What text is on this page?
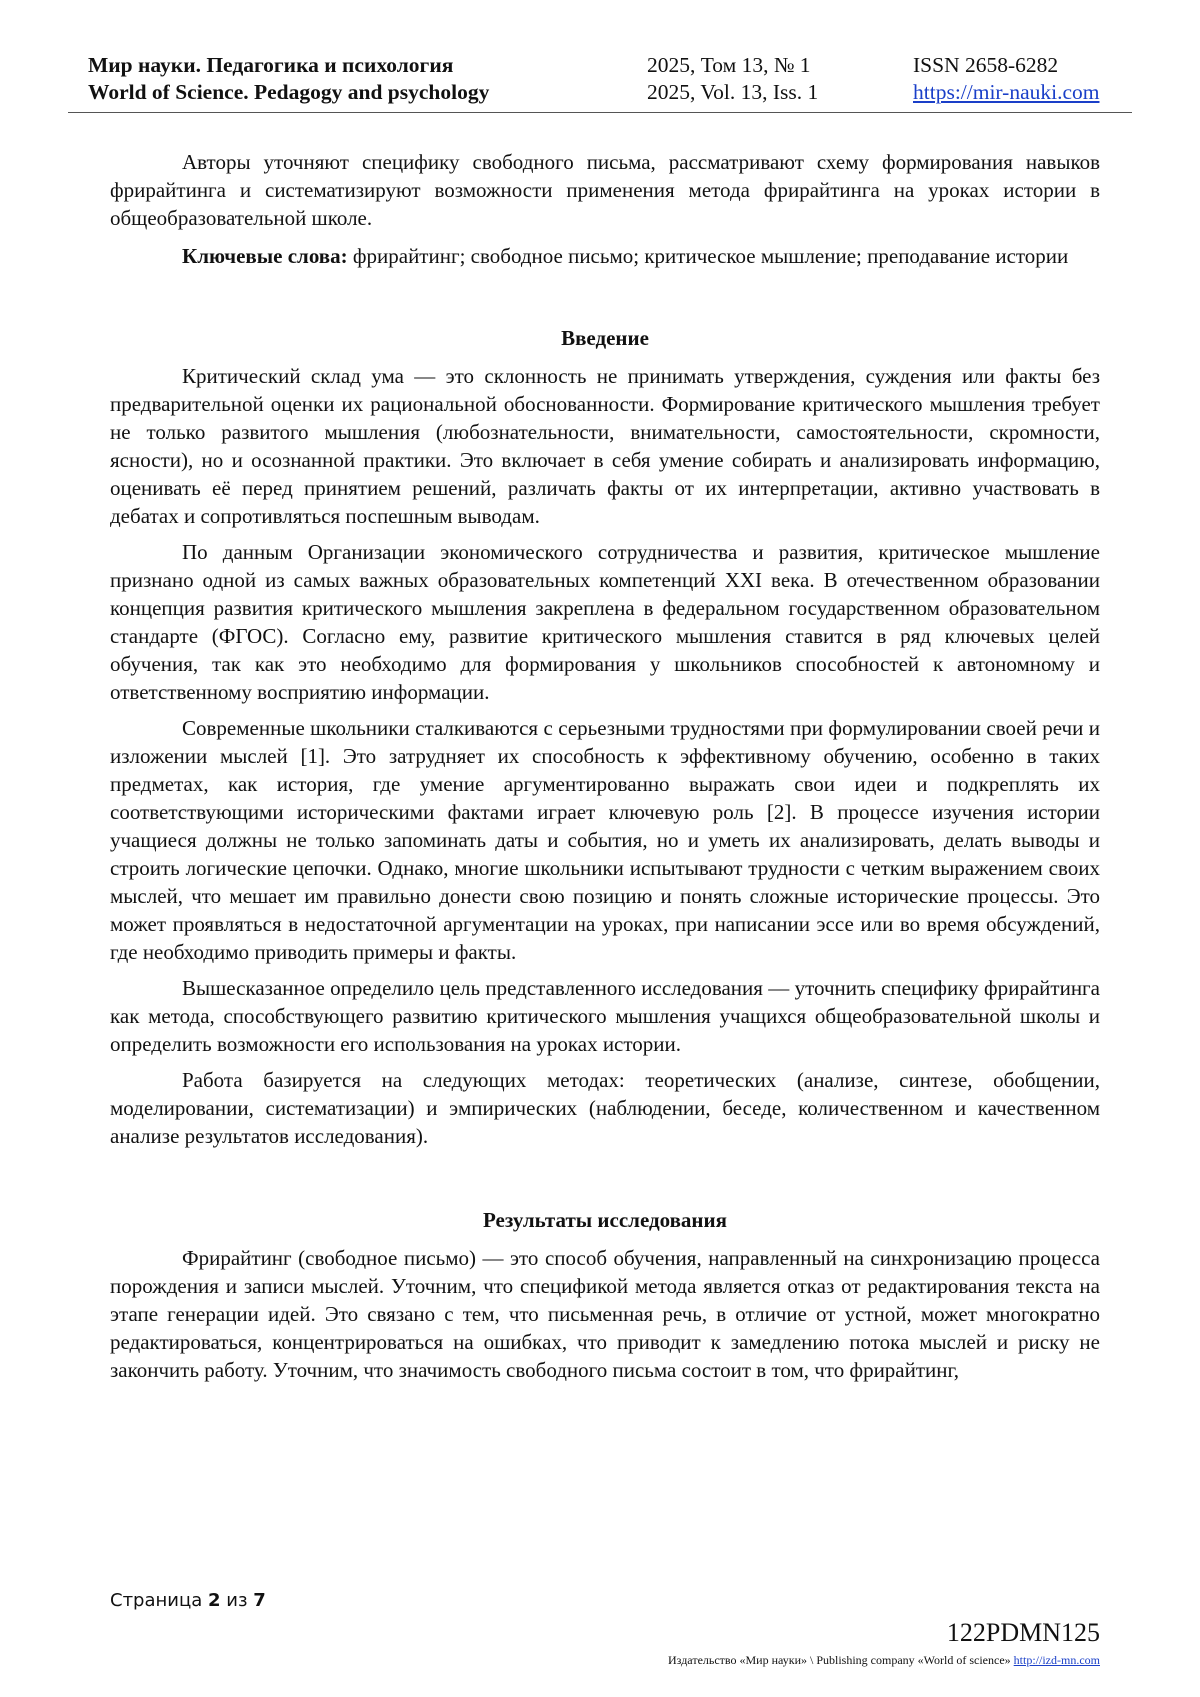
Мир науки. Педагогика и психология
World of Science. Pedagogy and psychology
2025, Том 13, № 1
2025, Vol. 13, Iss. 1
ISSN 2658-6282
https://mir-nauki.com

Авторы уточняют специфику свободного письма, рассматривают схему формирования навыков фрирайтинга и систематизируют возможности применения метода фрирайтинга на уроках истории в общеобразовательной школе.

Ключевые слова: фрирайтинг; свободное письмо; критическое мышление; преподавание истории

Введение

Критический склад ума — это склонность не принимать утверждения, суждения или факты без предварительной оценки их рациональной обоснованности. Формирование критического мышления требует не только развитого мышления (любознательности, внимательности, самостоятельности, скромности, ясности), но и осознанной практики. Это включает в себя умение собирать и анализировать информацию, оценивать её перед принятием решений, различать факты от их интерпретации, активно участвовать в дебатах и сопротивляться поспешным выводам.

По данным Организации экономического сотрудничества и развития, критическое мышление признано одной из самых важных образовательных компетенций XXI века. В отечественном образовании концепция развития критического мышления закреплена в федеральном государственном образовательном стандарте (ФГОС). Согласно ему, развитие критического мышления ставится в ряд ключевых целей обучения, так как это необходимо для формирования у школьников способностей к автономному и ответственному восприятию информации.

Современные школьники сталкиваются с серьезными трудностями при формулировании своей речи и изложении мыслей [1]. Это затрудняет их способность к эффективному обучению, особенно в таких предметах, как история, где умение аргументированно выражать свои идеи и подкреплять их соответствующими историческими фактами играет ключевую роль [2]. В процессе изучения истории учащиеся должны не только запоминать даты и события, но и уметь их анализировать, делать выводы и строить логические цепочки. Однако, многие школьники испытывают трудности с четким выражением своих мыслей, что мешает им правильно донести свою позицию и понять сложные исторические процессы. Это может проявляться в недостаточной аргументации на уроках, при написании эссе или во время обсуждений, где необходимо приводить примеры и факты.

Вышесказанное определило цель представленного исследования — уточнить специфику фрирайтинга как метода, способствующего развитию критического мышления учащихся общеобразовательной школы и определить возможности его использования на уроках истории.

Работа базируется на следующих методах: теоретических (анализе, синтезе, обобщении, моделировании, систематизации) и эмпирических (наблюдении, беседе, количественном и качественном анализе результатов исследования).

Результаты исследования

Фрирайтинг (свободное письмо) — это способ обучения, направленный на синхронизацию процесса порождения и записи мыслей. Уточним, что спецификой метода является отказ от редактирования текста на этапе генерации идей. Это связано с тем, что письменная речь, в отличие от устной, может многократно редактироваться, концентрироваться на ошибках, что приводит к замедлению потока мыслей и риску не закончить работу. Уточним, что значимость свободного письма состоит в том, что фрирайтинг,

Страница 2 из 7
122PDMN125
Издательство «Мир науки» \ Publishing company «World of science» http://izd-mn.com
